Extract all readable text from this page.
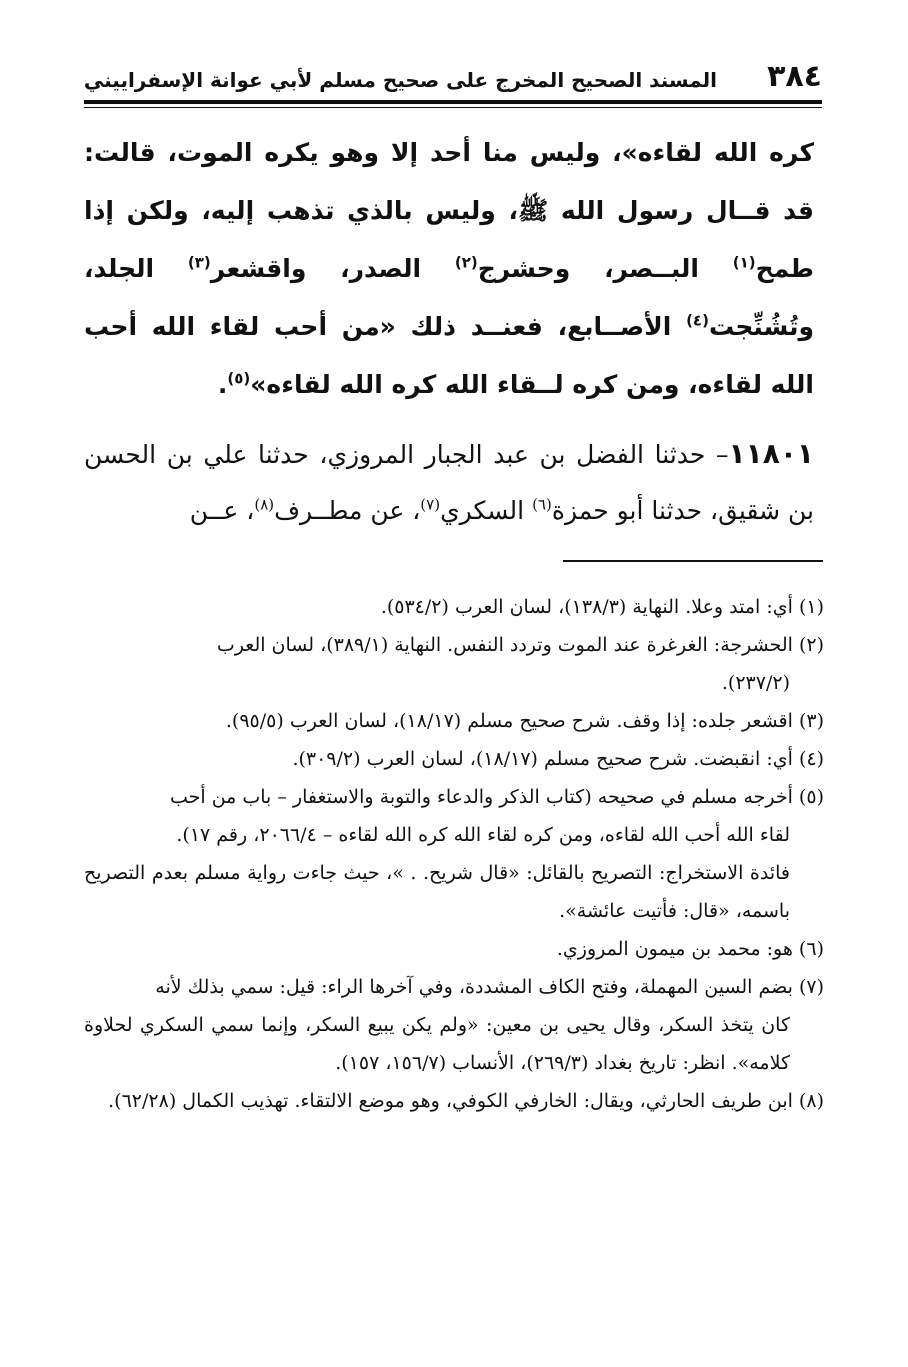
٣٨٤
المسند الصحيح المخرج على صحيح مسلم لأبي عوانة الإسفراييني

كره الله لقاءه»، وليس منا أحد إلا وهو يكره الموت، قالت: قد قــال رسول الله ﷺ، وليس بالذي تذهب إليه، ولكن إذا طمح$^{(١)}$ البــصر، وحشرج$^{(٢)}$ الصدر، واقشعر$^{(٣)}$ الجلد، وتُشُنِّجت$^{(٤)}$ الأصــابع، فعنــد ذلك «من أحب لقاء الله أحب الله لقاءه، ومن كره لــقاء الله كره الله لقاءه»$^{(٥)}$.

١١٨٠١– حدثنا الفضل بن عبد الجبار المروزي، حدثنا علي بن الحسن بن شقيق، حدثنا أبو حمزة$^{(٦)}$ السكري$^{(٧)}$، عن مطــرف$^{(٨)}$، عــن

(١) أي: امتد وعلا. النهاية (١٣٨/٣)، لسان العرب (٥٣٤/٢).

(٢) الحشرجة: الغرغرة عند الموت وتردد النفس. النهاية (٣٨٩/١)، لسان العرب
(٢٣٧/٢).

(٣) اقشعر جلده: إذا وقف. شرح صحيح مسلم (١٨/١٧)، لسان العرب (٩٥/٥).

(٤) أي: انقبضت. شرح صحيح مسلم (١٨/١٧)، لسان العرب (٣٠٩/٢).

(٥) أخرجه مسلم في صحيحه (كتاب الذكر والدعاء والتوبة والاستغفار – باب من أحب
لقاء الله أحب الله لقاءه، ومن كره لقاء الله كره الله لقاءه – ٢٠٦٦/٤، رقم ١٧).
فائدة الاستخراج: التصريح بالقائل: «قال شريح. . »، حيث جاءت رواية مسلم بعدم التصريح باسمه، «قال: فأتيت عائشة».

(٦) هو: محمد بن ميمون المروزي.

(٧) بضم السين المهملة، وفتح الكاف المشددة، وفي آخرها الراء: قيل: سمي بذلك لأنه
كان يتخذ السكر، وقال يحيى بن معين: «ولم يكن يبيع السكر، وإنما سمي السكري لحلاوة كلامه». انظر: تاريخ بغداد (٢٦٩/٣)، الأنساب (١٥٦/٧، ١٥٧).

(٨) ابن طريف الحارثي، ويقال: الخارفي الكوفي، وهو موضع الالتقاء. تهذيب الكمال (٦٢/٢٨).
